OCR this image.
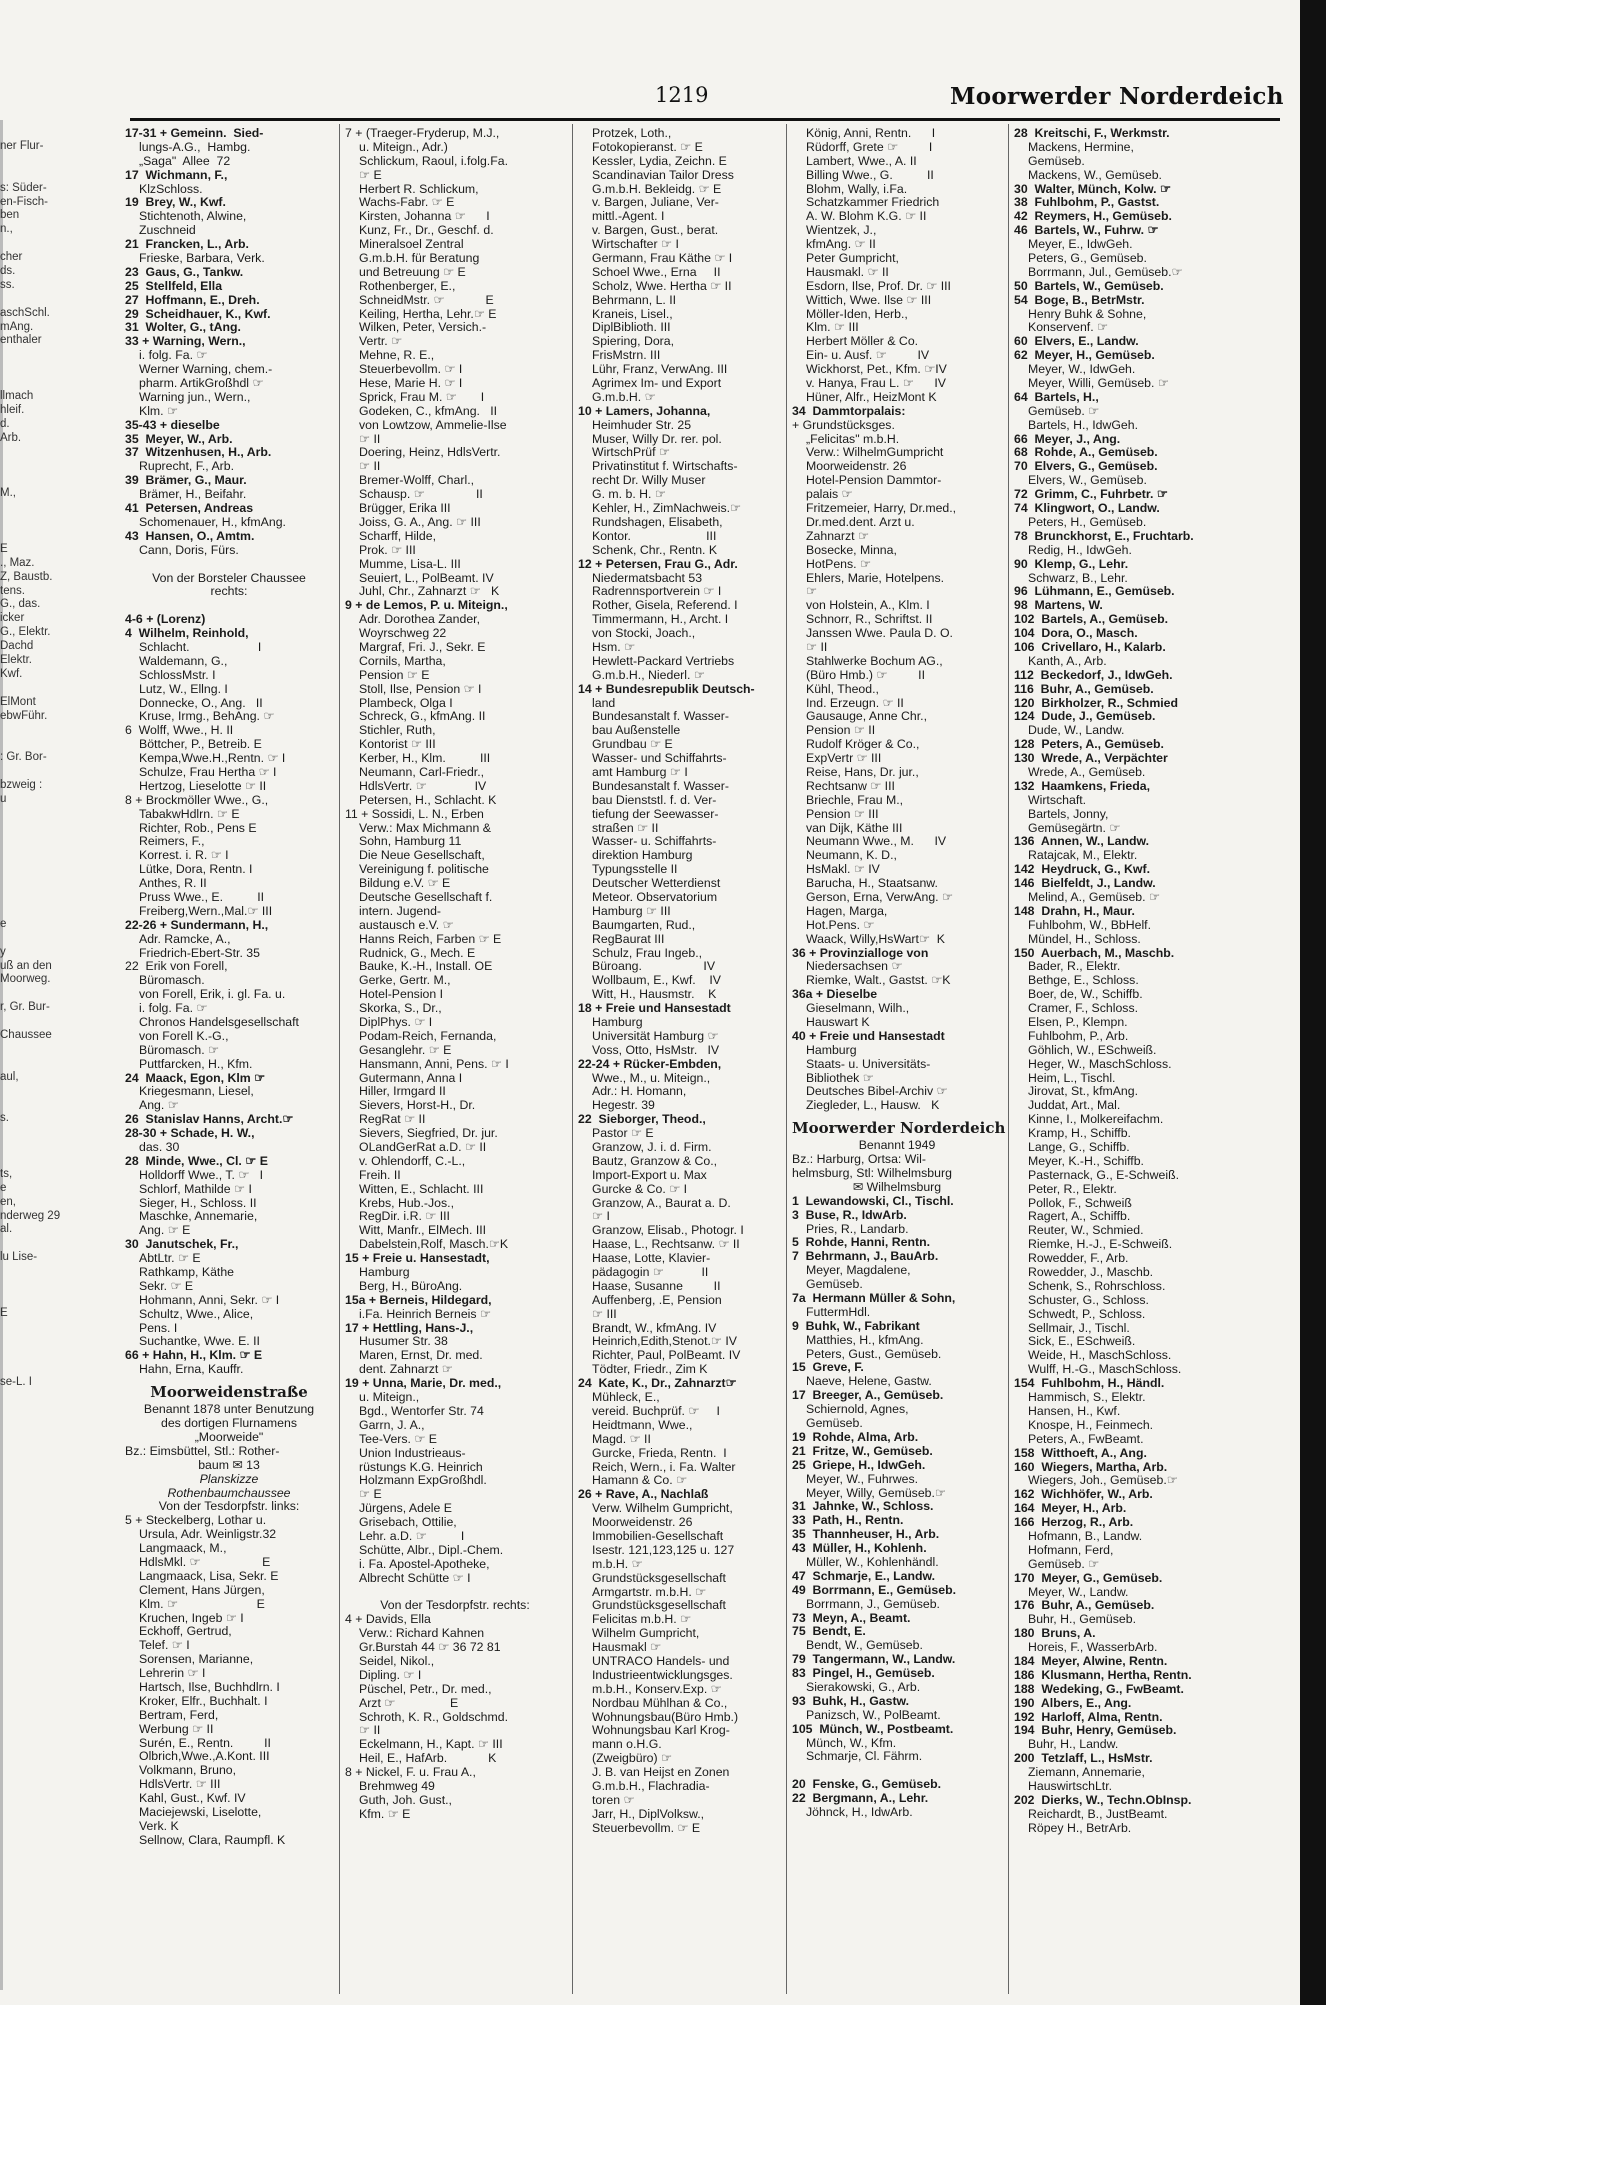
ner Flur-
s: Süder-
en-Fisch-
ben
n.,
cher
ds.
ss.
aschSchl.
mAng.
enthaler
llmach
hleif.
d.
Arb.
M.,
E
., Maz.
Z, Baustb.
tens.
G., das.
icker
G., Elektr.
Dachd
Elektr.
Kwf.
ElMont
ebwFühr.
: Gr. Bor-
bzweig :
u
e
y
uß an den
Moorweg.
r, Gr. Bur-
Chaussee
aul,
s.
ts,
e
en,
nderweg 29
al.
lu Lise-
E
se-L. I
1219	Moorwerder Norderdeich
17-31 + Gemeinn.  Sied-
lungs-A.G.,  Hambg.
„Saga"  Allee  72
17  Wichmann, F.,
KlzSchloss.
19  Brey, W., Kwf.
Stichtenoth, Alwine,
Zuschneid
21  Francken, L., Arb.
Frieske, Barbara, Verk.
23  Gaus, G., Tankw.
25  Stellfeld, Ella
27  Hoffmann, E., Dreh.
29  Scheidhauer, K., Kwf.
31  Wolter, G., tAng.
33 + Warning, Wern.,
i. folg. Fa. ☞
Werner Warning, chem.-
pharm. ArtikGroßhdl ☞
Warning jun., Wern.,
Klm. ☞
35-43 + dieselbe
35  Meyer, W., Arb.
37  Witzenhusen, H., Arb.
Ruprecht, F., Arb.
39  Brämer, G., Maur.
Brämer, H., Beifahr.
41  Petersen, Andreas
Schomenauer, H., kfmAng.
43  Hansen, O., Amtm.
Cann, Doris, Fürs.
Von der Borsteler Chaussee
rechts:
4-6 + (Lorenz)
4  Wilhelm, Reinhold,
Schlacht.                    I
Waldemann, G.,
SchlossMstr. I
Lutz, W., Ellng. I
Donnecke, O., Ang.   II
Kruse, Irmg., BehAng. ☞
6  Wolff, Wwe., H. II
Böttcher, P., Betreib. E
Kempa,Wwe.H.,Rentn. ☞ I
Schulze, Frau Hertha ☞ I
Hertzog, Lieselotte ☞ II
8 + Brockmöller Wwe., G.,
TabakwHdlrn. ☞ E
Richter, Rob., Pens E
Reimers, F.,
Korrest. i. R. ☞ I
Lütke, Dora, Rentn. I
Anthes, R. II
Pruss Wwe., E.          II
Freiberg,Wern.,Mal.☞ III
22-26 + Sundermann, H.,
Adr. Ramcke, A.,
Friedrich-Ebert-Str. 35
22  Erik von Forell,
Büromasch.
von Forell, Erik, i. gl. Fa. u.
i. folg. Fa. ☞
Chronos Handelsgesellschaft
von Forell K.-G.,
Büromasch. ☞
Puttfarcken, H., Kfm.
24  Maack, Egon, Klm ☞
Kriegesmann, Liesel,
Ang. ☞
26  Stanislav Hanns, Archt.☞
28-30 + Schade, H. W.,
das. 30
28  Minde, Wwe., Cl. ☞ E
Holldorff Wwe., T. ☞   I
Schlorf, Mathilde ☞ I
Sieger, H., Schloss. II
Maschke, Annemarie,
Ang. ☞ E
30  Janutschek, Fr.,
AbtLtr. ☞ E
Rathkamp, Käthe
Sekr. ☞ E
Hohmann, Anni, Sekr. ☞ I
Schultz, Wwe., Alice,
Pens. I
Suchantke, Wwe. E. II
66 + Hahn, H., Klm. ☞ E
Hahn, Erna, Kauffr.
Moorweidenstraße
Benannt 1878 unter Benutzung
des dortigen Flurnamens
„Moorweide"
Bz.: Eimsbüttel, Stl.: Rother-
baum ✉ 13
Planskizze
Rothenbaumchaussee
Von der Tesdorpfstr. links:
5 + Steckelberg, Lothar u.
Ursula, Adr. Weinligstr.32
Langmaack, M.,
HdlsMkl. ☞                  E
Langmaack, Lisa, Sekr. E
Clement, Hans Jürgen,
Klm. ☞                       E
Kruchen, Ingeb ☞ I
Eckhoff, Gertrud,
Telef. ☞ I
Sorensen, Marianne,
Lehrerin ☞ I
Hartsch, Ilse, Buchhdlrn. I
Kroker, Elfr., Buchhalt. I
Bertram, Ferd,
Werbung ☞ II
Surén, E., Rentn.         II
Olbrich,Wwe.,A.Kont. III
Volkmann, Bruno,
HdlsVertr. ☞ III
Kahl, Gust., Kwf. IV
Maciejewski, Liselotte,
Verk. K
Sellnow, Clara, Raumpfl. K
7 + (Traeger-Fryderup, M.J.,
u. Miteign., Adr.)
Schlickum, Raoul, i.folg.Fa.
☞ E
Herbert R. Schlickum,
Wachs-Fabr. ☞ E
Kirsten, Johanna ☞      I
Kunz, Fr., Dr., Geschf. d.
Mineralsoel Zentral
G.m.b.H. für Beratung
und Betreuung ☞ E
Rothenberger, E.,
SchneidMstr. ☞            E
Keiling, Hertha, Lehr.☞ E
Wilken, Peter, Versich.-
Vertr. ☞
Mehne, R. E.,
Steuerbevollm. ☞ I
Hese, Marie H. ☞ I
Sprick, Frau M. ☞       I
Godeken, C., kfmAng.   II
von Lowtzow, Ammelie-Ilse
☞ II
Doering, Heinz, HdlsVertr.
☞ II
Bremer-Wolff, Charl.,
Schausp. ☞               II
Brügger, Erika III
Joiss, G. A., Ang. ☞ III
Scharff, Hilde,
Prok. ☞ III
Mumme, Lisa-L. III
Seuiert, L., PolBeamt. IV
Juhl, Chr., Zahnarzt ☞   K
9 + de Lemos, P. u. Miteign.,
Adr. Dorothea Zander,
Woyrschweg 22
Margraf, Fri. J., Sekr. E
Cornils, Martha,
Pension ☞ E
Stoll, Ilse, Pension ☞ I
Plambeck, Olga I
Schreck, G., kfmAng. II
Stichler, Ruth,
Kontorist ☞ III
Kerber, H., Klm.          III
Neumann, Carl-Friedr.,
HdlsVertr. ☞              IV
Petersen, H., Schlacht. K
11 + Sossidi, L. N., Erben
Verw.: Max Michmann &
Sohn, Hamburg 11
Die Neue Gesellschaft,
Vereinigung f. politische
Bildung e.V. ☞ E
Deutsche Gesellschaft f.
intern. Jugend-
austausch e.V. ☞
Hanns Reich, Farben ☞ E
Rudnick, G., Mech. E
Bauke, K.-H., Install. OE
Gerke, Gertr. M.,
Hotel-Pension I
Skorka, S., Dr.,
DiplPhys. ☞ I
Podam-Reich, Fernanda,
Gesanglehr. ☞ E
Hansmann, Anni, Pens. ☞ I
Gutermann, Anna I
Hiller, Irmgard II
Sievers, Horst-H., Dr.
RegRat ☞ II
Sievers, Siegfried, Dr. jur.
OLandGerRat a.D. ☞ II
v. Ohlendorff, C.-L.,
Freih. II
Witten, E., Schlacht. III
Krebs, Hub.-Jos.,
RegDir. i.R. ☞ III
Witt, Manfr., ElMech. III
Dabelstein,Rolf, Masch.☞K
15 + Freie u. Hansestadt,
Hamburg
Berg, H., BüroAng.
15a + Berneis, Hildegard,
i.Fa. Heinrich Berneis ☞
17 + Hettling, Hans-J.,
Husumer Str. 38
Maren, Ernst, Dr. med.
dent. Zahnarzt ☞
19 + Unna, Marie, Dr. med.,
u. Miteign.,
Bgd., Wentorfer Str. 74
Garrn, J. A.,
Tee-Vers. ☞ E
Union Industrieaus-
rüstungs K.G. Heinrich
Holzmann ExpGroßhdl.
☞ E
Jürgens, Adele E
Grisebach, Ottilie,
Lehr. a.D. ☞          I
Schütte, Albr., Dipl.-Chem.
i. Fa. Apostel-Apotheke,
Albrecht Schütte ☞ I
Von der Tesdorpfstr. rechts:
4 + Davids, Ella
Verw.: Richard Kahnen
Gr.Burstah 44 ☞ 36 72 81
Seidel, Nikol.,
Dipling. ☞ I
Püschel, Petr., Dr. med.,
Arzt ☞                E
Schroth, K. R., Goldschmd.
☞ II
Eckelmann, H., Kapt. ☞ III
Heil, E., HafArb.            K
8 + Nickel, F. u. Frau A.,
Brehmweg 49
Guth, Joh. Gust.,
Kfm. ☞ E
Protzek, Loth.,
Fotokopieranst. ☞ E
Kessler, Lydia, Zeichn. E
Scandinavian Tailor Dress
G.m.b.H. Bekleidg. ☞ E
v. Bargen, Juliane, Ver-
mittl.-Agent. I
v. Bargen, Gust., berat.
Wirtschafter ☞ I
Germann, Frau Käthe ☞ I
Schoel Wwe., Erna     II
Scholz, Wwe. Hertha ☞ II
Behrmann, L. II
Kraneis, Lisel.,
DiplBiblioth. III
Spiering, Dora,
FrisMstrn. III
Lühr, Franz, VerwAng. III
Agrimex Im- und Export
G.m.b.H. ☞
10 + Lamers, Johanna,
Heimhuder Str. 25
Muser, Willy Dr. rer. pol.
WirtschPrüf ☞
Privatinstitut f. Wirtschafts-
recht Dr. Willy Muser
G. m. b. H. ☞
Kehler, H., ZimNachweis.☞
Rundshagen, Elisabeth,
Kontor.                      III
Schenk, Chr., Rentn. K
12 + Petersen, Frau G., Adr.
Niedermatsbacht 53
Radrennsportverein ☞ I
Rother, Gisela, Referend. I
Timmermann, H., Archt. I
von Stocki, Joach.,
Hsm. ☞
Hewlett-Packard Vertriebs
G.m.b.H., Niederl. ☞
14 + Bundesrepublik Deutsch-
land
Bundesanstalt f. Wasser-
bau Außenstelle
Grundbau ☞ E
Wasser- und Schiffahrts-
amt Hamburg ☞ I
Bundesanstalt f. Wasser-
bau Dienststl. f. d. Ver-
tiefung der Seewasser-
straßen ☞ II
Wasser- u. Schiffahrts-
direktion Hamburg
Typungsstelle II
Deutscher Wetterdienst
Meteor. Observatorium
Hamburg ☞ III
Baumgarten, Rud.,
RegBaurat III
Schulz, Frau Ingeb.,
Büroang.                  IV
Wollbaum, E., Kwf.    IV
Witt, H., Hausmstr.    K
18 + Freie und Hansestadt
Hamburg
Universität Hamburg ☞
Voss, Otto, HsMstr.   IV
22-24 + Rücker-Embden,
Wwe., M., u. Miteign.,
Adr.: H. Homann,
Hegestr. 39
22  Sieborger, Theod.,
Pastor ☞ E
Granzow, J. i. d. Firm.
Bautz, Granzow & Co.,
Import-Export u. Max
Gurcke & Co. ☞ I
Granzow, A., Baurat a. D.
☞ I
Granzow, Elisab., Photogr. I
Haase, L., Rechtsanw. ☞ II
Haase, Lotte, Klavier-
pädagogin ☞           II
Haase, Susanne         II
Auffenberg, .E, Pension
☞ III
Brandt, W., kfmAng. IV
Heinrich,Edith,Stenot.☞ IV
Richter, Paul, PolBeamt. IV
Tödter, Friedr., Zim K
24  Kate, K., Dr., Zahnarzt☞
Mühleck, E.,
vereid. Buchprüf. ☞     I
Heidtmann, Wwe.,
Magd. ☞ II
Gurcke, Frieda, Rentn.  I
Reich, Wern., i. Fa. Walter
Hamann & Co. ☞
26 + Rave, A., Nachlaß
Verw. Wilhelm Gumpricht,
Moorweidenstr. 26
Immobilien-Gesellschaft
Isestr. 121,123,125 u. 127
m.b.H. ☞
Grundstücksgesellschaft
Armgartstr. m.b.H. ☞
Grundstücksgesellschaft
Felicitas m.b.H. ☞
Wilhelm Gumpricht,
Hausmakl ☞
UNTRACO Handels- und
Industrieentwicklungsges.
m.b.H., Konserv.Exp. ☞
Nordbau Mühlhan & Co.,
Wohnungsbau(Büro Hmb.)
Wohnungsbau Karl Krog-
mann o.H.G.
(Zweigbüro) ☞
J. B. van Heijst en Zonen
G.m.b.H., Flachradia-
toren ☞
Jarr, H., DiplVolksw.,
Steuerbevollm. ☞ E
König, Anni, Rentn.      I
Rüdorff, Grete ☞         I
Lambert, Wwe., A. II
Billing Wwe., G.          II
Blohm, Wally, i.Fa.
Schatzkammer Friedrich
A. W. Blohm K.G. ☞ II
Wientzek, J.,
kfmAng. ☞ II
Peter Gumpricht,
Hausmakl. ☞ II
Esdorn, Ilse, Prof. Dr. ☞ III
Wittich, Wwe. Ilse ☞ III
Möller-Iden, Herb.,
Klm. ☞ III
Herbert Möller & Co.
Ein- u. Ausf. ☞         IV
Wickhorst, Pet., Kfm. ☞IV
v. Hanya, Frau L. ☞      IV
Hüner, Alfr., HeizMont K
34  Dammtorpalais:
+ Grundstücksges.
„Felicitas" m.b.H.
Verw.: WilhelmGumpricht
Moorweidenstr. 26
Hotel-Pension Dammtor-
palais ☞
Fritzemeier, Harry, Dr.med.,
Dr.med.dent. Arzt u.
Zahnarzt ☞
Bosecke, Minna,
HotPens. ☞
Ehlers, Marie, Hotelpens.
☞
von Holstein, A., Klm. I
Schnorr, R., Schriftst. II
Janssen Wwe. Paula D. O.
☞ II
Stahlwerke Bochum AG.,
(Büro Hmb.) ☞         II
Kühl, Theod.,
Ind. Erzeugn. ☞ II
Gausauge, Anne Chr.,
Pension ☞ II
Rudolf Kröger & Co.,
ExpVertr ☞ III
Reise, Hans, Dr. jur.,
Rechtsanw ☞ III
Briechle, Frau M.,
Pension ☞ III
van Dijk, Käthe III
Neumann Wwe., M.      IV
Neumann, K. D.,
HsMakl. ☞ IV
Barucha, H., Staatsanw.
Gerson, Erna, VerwAng. ☞
Hagen, Marga,
Hot.Pens. ☞
Waack, Willy,HsWart☞  K
36 + Provinzialloge von
Niedersachsen ☞
Riemke, Walt., Gastst. ☞K
36a + Dieselbe
Gieselmann, Wilh.,
Hauswart K
40 + Freie und Hansestadt
Hamburg
Staats- u. Universitäts-
Bibliothek ☞
Deutsches Bibel-Archiv ☞
Ziegleder, L., Hausw.   K
Moorwerder Norderdeich
Benannt 1949
Bz.: Harburg, Ortsa: Wil-
helmsburg, Stl: Wilhelmsburg
✉ Wilhelmsburg
1  Lewandowski, Cl., Tischl.
3  Buse, R., IdwArb.
Pries, R., Landarb.
5  Rohde, Hanni, Rentn.
7  Behrmann, J., BauArb.
Meyer, Magdalene,
Gemüseb.
7a  Hermann Müller & Sohn,
FuttermHdl.
9  Buhk, W., Fabrikant
Matthies, H., kfmAng.
Peters, Gust., Gemüseb.
15  Greve, F.
Naeve, Helene, Gastw.
17  Breeger, A., Gemüseb.
Schiernold, Agnes,
Gemüseb.
19  Rohde, Alma, Arb.
21  Fritze, W., Gemüseb.
25  Griepe, H., IdwGeh.
Meyer, W., Fuhrwes.
Meyer, Willy, Gemüseb.☞
31  Jahnke, W., Schloss.
33  Path, H., Rentn.
35  Thannheuser, H., Arb.
43  Müller, H., Kohlenh.
Müller, W., Kohlenhändl.
47  Schmarje, E., Landw.
49  Borrmann, E., Gemüseb.
Borrmann, J., Gemüseb.
73  Meyn, A., Beamt.
75  Bendt, E.
Bendt, W., Gemüseb.
79  Tangermann, W., Landw.
83  Pingel, H., Gemüseb.
Sierakowski, G., Arb.
93  Buhk, H., Gastw.
Panizsch, W., PolBeamt.
105  Münch, W., Postbeamt.
Münch, W., Kfm.
Schmarje, Cl. Fährm.
20  Fenske, G., Gemüseb.
22  Bergmann, A., Lehr.
Jöhnck, H., IdwArb.
28  Kreitschi, F., Werkmstr.
Mackens, Hermine,
Gemüseb.
Mackens, W., Gemüseb.
30  Walter, Münch, Kolw. ☞
38  Fuhlbohm, P., Gastst.
42  Reymers, H., Gemüseb.
46  Bartels, W., Fuhrw. ☞
Meyer, E., IdwGeh.
Peters, G., Gemüseb.
Borrmann, Jul., Gemüseb.☞
50  Bartels, W., Gemüseb.
54  Boge, B., BetrMstr.
Henry Buhk & Sohne,
Konservenf. ☞
60  Elvers, E., Landw.
62  Meyer, H., Gemüseb.
Meyer, W., IdwGeh.
Meyer, Willi, Gemüseb. ☞
64  Bartels, H.,
Gemüseb. ☞
Bartels, H., IdwGeh.
66  Meyer, J., Ang.
68  Rohde, A., Gemüseb.
70  Elvers, G., Gemüseb.
Elvers, W., Gemüseb.
72  Grimm, C., Fuhrbetr. ☞
74  Klingwort, O., Landw.
Peters, H., Gemüseb.
78  Brunckhorst, E., Fruchtarb.
Redig, H., IdwGeh.
90  Klemp, G., Lehr.
Schwarz, B., Lehr.
96  Lühmann, E., Gemüseb.
98  Martens, W.
102  Bartels, A., Gemüseb.
104  Dora, O., Masch.
106  Crivellaro, H., Kalarb.
Kanth, A., Arb.
112  Beckedorf, J., IdwGeh.
116  Buhr, A., Gemüseb.
120  Birkholzer, R., Schmied
124  Dude, J., Gemüseb.
Dude, W., Landw.
128  Peters, A., Gemüseb.
130  Wrede, A., Verpächter
Wrede, A., Gemüseb.
132  Haamkens, Frieda,
Wirtschaft.
Bartels, Jonny,
Gemüsegärtn. ☞
136  Annen, W., Landw.
Ratajcak, M., Elektr.
142  Heydruck, G., Kwf.
146  Bielfeldt, J., Landw.
Melind, A., Gemüseb. ☞
148  Drahn, H., Maur.
Fuhlbohm, W., BbHelf.
Mündel, H., Schloss.
150  Auerbach, M., Maschb.
Bader, R., Elektr.
Bethge, E., Schloss.
Boer, de, W., Schiffb.
Cramer, F., Schloss.
Elsen, P., Klempn.
Fuhlbohm, P., Arb.
Göhlich, W., ESchweiß.
Heger, W., MaschSchloss.
Heim, L., Tischl.
Jirovat, St., kfmAng.
Juddat, Art., Mal.
Kinne, I., Molkereifachm.
Kramp, H., Schiffb.
Lange, G., Schiffb.
Meyer, K.-H., Schiffb.
Pasternack, G., E-Schweiß.
Peter, R., Elektr.
Pollok, F., Schweiß
Ragert, A., Schiffb.
Reuter, W., Schmied.
Riemke, H.-J., E-Schweiß.
Rowedder, F., Arb.
Rowedder, J., Maschb.
Schenk, S., Rohrschloss.
Schuster, G., Schloss.
Schwedt, P., Schloss.
Sellmair, J., Tischl.
Sick, E., ESchweiß.
Weide, H., MaschSchloss.
Wulff, H.-G., MaschSchloss.
154  Fuhlbohm, H., Händl.
Hammisch, S., Elektr.
Hansen, H., Kwf.
Knospe, H., Feinmech.
Peters, A., FwBeamt.
158  Witthoeft, A., Ang.
160  Wiegers, Martha, Arb.
Wiegers, Joh., Gemüseb.☞
162  Wichhöfer, W., Arb.
164  Meyer, H., Arb.
166  Herzog, R., Arb.
Hofmann, B., Landw.
Hofmann, Ferd,
Gemüseb. ☞
170  Meyer, G., Gemüseb.
Meyer, W., Landw.
176  Buhr, A., Gemüseb.
Buhr, H., Gemüseb.
180  Bruns, A.
Horeis, F., WasserbArb.
184  Meyer, Alwine, Rentn.
186  Klusmann, Hertha, Rentn.
188  Wedeking, G., FwBeamt.
190  Albers, E., Ang.
192  Harloff, Alma, Rentn.
194  Buhr, Henry, Gemüseb.
Buhr, H., Landw.
200  Tetzlaff, L., HsMstr.
Ziemann, Annemarie,
HauswirtschLtr.
202  Dierks, W., Techn.ObInsp.
Reichardt, B., JustBeamt.
Röpey H., BetrArb.
